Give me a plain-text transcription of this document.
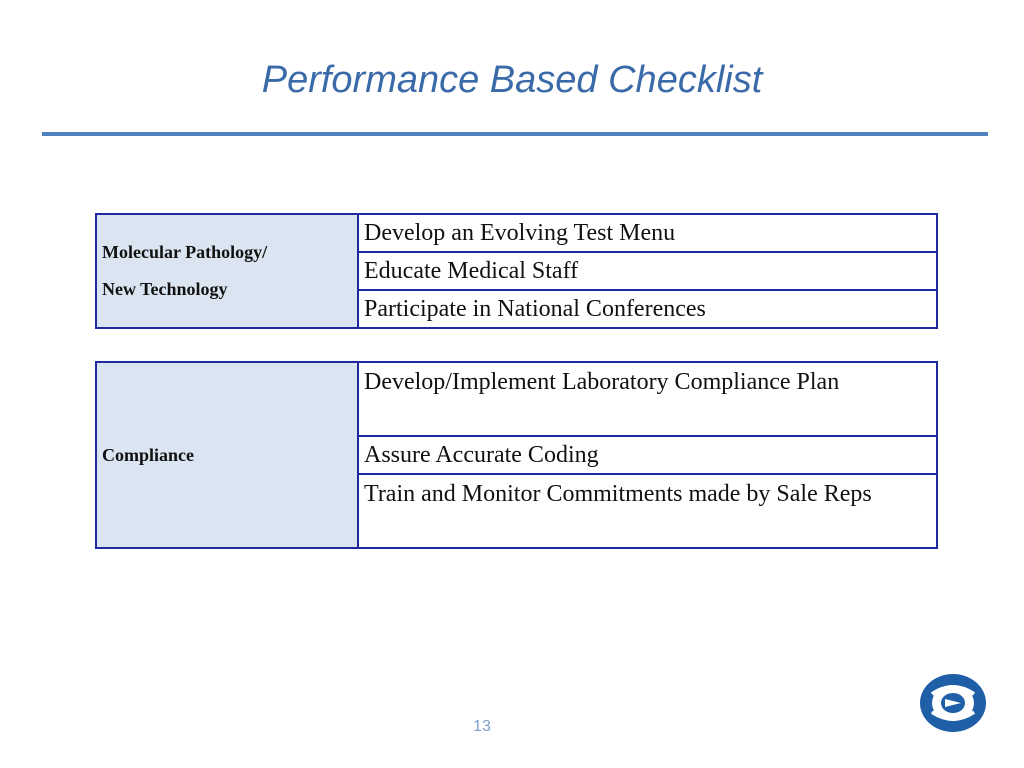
Performance Based Checklist
Molecular Pathology/
New Technology
	Develop an Evolving Test Menu
Educate Medical Staff
Participate in National Conferences
Compliance
	Develop/Implement Laboratory Compliance Plan
Assure Accurate Coding
Train and Monitor Commitments made by Sale Reps
13
